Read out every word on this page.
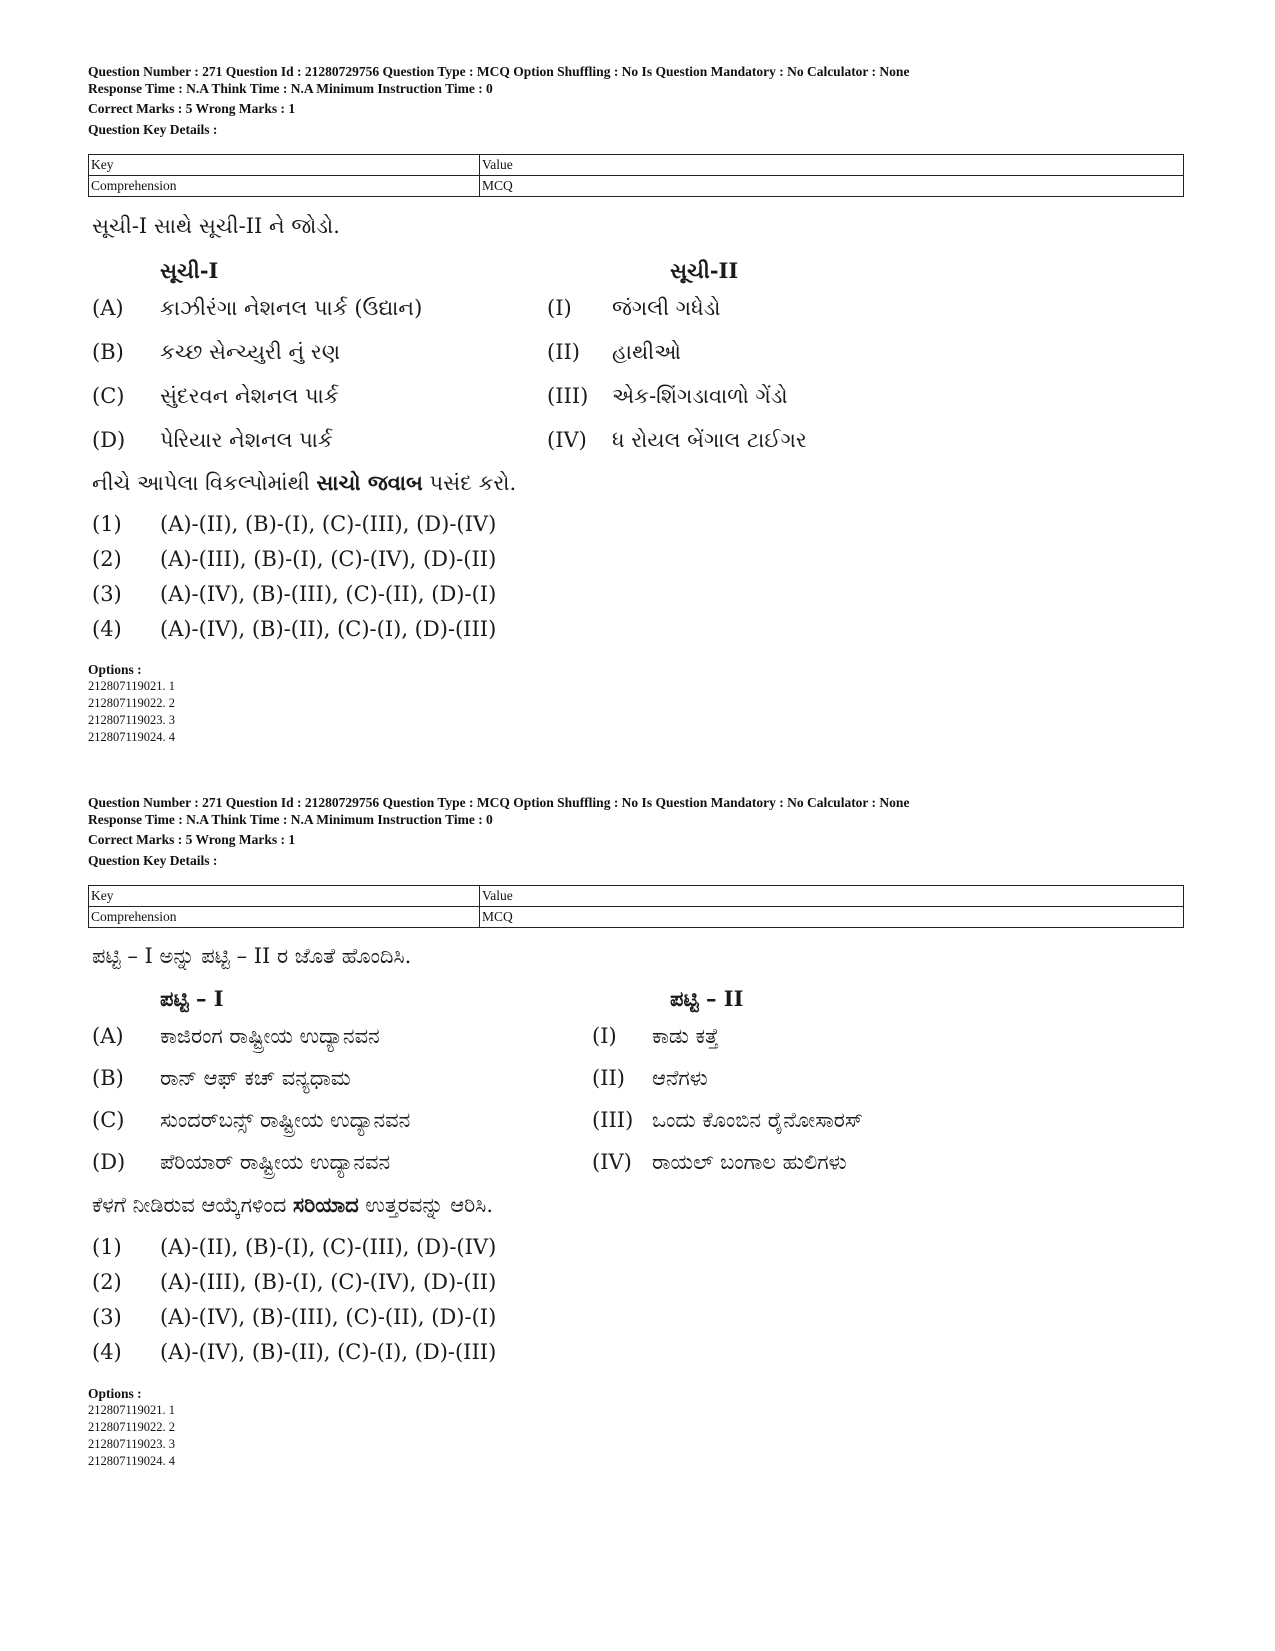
Question Number : 271 Question Id : 21280729756 Question Type : MCQ Option Shuffling : No Is Question Mandatory : No Calculator : None
Response Time : N.A Think Time : N.A Minimum Instruction Time : 0
Correct Marks : 5 Wrong Marks : 1
Question Key Details :
Key	Value
Comprehension	MCQ
સૂચી-I સાથે સૂચી-II ને જોડો.
સૂચી-I	સૂચી-II
(A) કાઝીરંગા નેશનલ પાર્ક (ઉદ્યાન)	(I) જંગલી ગધેડો
(B) કચ્છ સેન્ચ્યુરી નું રણ	(II) હાથીઓ
(C) સુંદરવન નેશનલ પાર્ક	(III) એક-શિંગડાવાળો ગેંડો
(D) પેરિયાર નેશનલ પાર્ક	(IV) ધ રોયલ બેંગાલ ટાઈગર
નીચે આપેલા વિકલ્પોમાંથી સાચો જવાબ પસંદ કરો.
(1) (A)-(II), (B)-(I), (C)-(III), (D)-(IV)
(2) (A)-(III), (B)-(I), (C)-(IV), (D)-(II)
(3) (A)-(IV), (B)-(III), (C)-(II), (D)-(I)
(4) (A)-(IV), (B)-(II), (C)-(I), (D)-(III)
Options :
212807119021. 1
212807119022. 2
212807119023. 3
212807119024. 4
Question Number : 271 Question Id : 21280729756 Question Type : MCQ Option Shuffling : No Is Question Mandatory : No Calculator : None
Response Time : N.A Think Time : N.A Minimum Instruction Time : 0
Correct Marks : 5 Wrong Marks : 1
Question Key Details :
Key	Value
Comprehension	MCQ
ಪಟ್ಟಿ – I ಅನ್ನು ಪಟ್ಟಿ – II ರ ಜೊತೆ ಹೊಂದಿಸಿ.
ಪಟ್ಟಿ – I	ಪಟ್ಟಿ – II
(A) ಕಾಜಿರಂಗ ರಾಷ್ಟ್ರೀಯ ಉದ್ಯಾನವನ	(I) ಕಾಡು ಕತ್ತೆ
(B) ರಾನ್ ಆಫ್ ಕಚ್ ವನ್ಯಧಾಮ	(II) ಆನೆಗಳು
(C) ಸುಂದರ್‌ಬನ್ಸ್ ರಾಷ್ಟ್ರೀಯ ಉದ್ಯಾನವನ	(III) ಒಂದು ಕೊಂಬಿನ ರೈನೋಸಾರಸ್
(D) ಪೆರಿಯಾರ್ ರಾಷ್ಟ್ರೀಯ ಉದ್ಯಾನವನ	(IV) ರಾಯಲ್ ಬಂಗಾಲ ಹುಲಿಗಳು
ಕೆಳಗೆ ನೀಡಿರುವ ಆಯ್ಕೆಗಳಿಂದ ಸರಿಯಾದ ಉತ್ತರವನ್ನು ಆರಿಸಿ.
(1) (A)-(II), (B)-(I), (C)-(III), (D)-(IV)
(2) (A)-(III), (B)-(I), (C)-(IV), (D)-(II)
(3) (A)-(IV), (B)-(III), (C)-(II), (D)-(I)
(4) (A)-(IV), (B)-(II), (C)-(I), (D)-(III)
Options :
212807119021. 1
212807119022. 2
212807119023. 3
212807119024. 4
